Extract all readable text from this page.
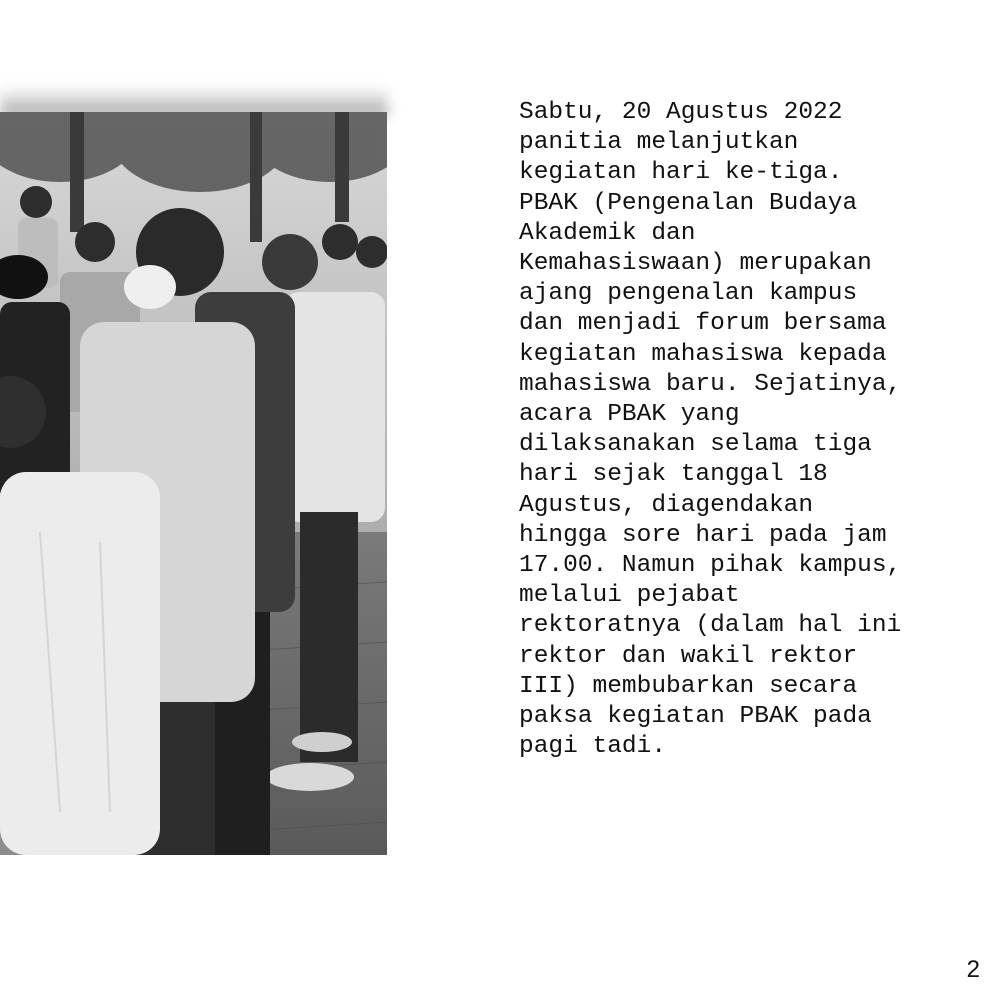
Sabtu, 20 Agustus 2022
panitia melanjutkan
kegiatan hari ke-tiga.
PBAK (Pengenalan Budaya
Akademik dan
Kemahasiswaan) merupakan
ajang pengenalan kampus
dan menjadi forum bersama
kegiatan mahasiswa kepada
mahasiswa baru. Sejatinya,
acara PBAK yang
dilaksanakan selama tiga
hari sejak tanggal 18
Agustus, diagendakan
hingga sore hari pada jam
17.00. Namun pihak kampus,
melalui pejabat
rektoratnya (dalam hal ini
rektor dan wakil rektor
III) membubarkan secara
paksa kegiatan PBAK pada
pagi tadi.
2
